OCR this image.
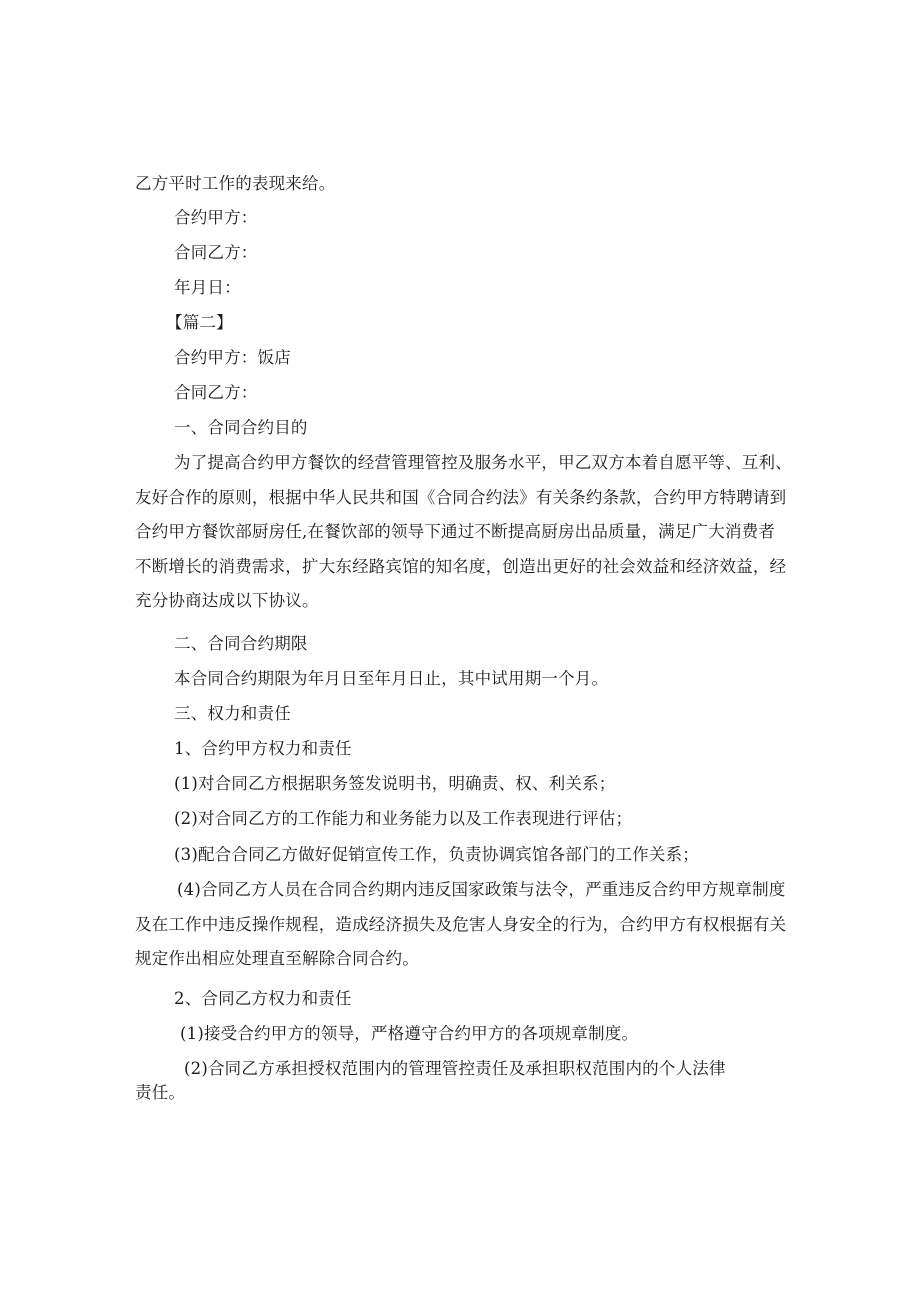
乙方平时工作的表现来给。
合约甲方：
合同乙方：
年月日：
【篇二】
合约甲方：饭店
合同乙方：
一、合同合约目的
为了提高合约甲方餐饮的经营管理管控及服务水平，甲乙双方本着自愿平等、互利、
友好合作的原则，根据中华人民共和国《合同合约法》有关条约条款，合约甲方特聘请到
合约甲方餐饮部厨房任,在餐饮部的领导下通过不断提高厨房出品质量，满足广大消费者
不断增长的消费需求，扩大东经路宾馆的知名度，创造出更好的社会效益和经济效益，经
充分协商达成以下协议。
二、合同合约期限
本合同合约期限为年月日至年月日止，其中试用期一个月。
三、权力和责任
1、合约甲方权力和责任
(1)对合同乙方根据职务签发说明书，明确责、权、利关系；
(2)对合同乙方的工作能力和业务能力以及工作表现进行评估；
(3)配合合同乙方做好促销宣传工作，负责协调宾馆各部门的工作关系；
(4)合同乙方人员在合同合约期内违反国家政策与法令，严重违反合约甲方规章制度
及在工作中违反操作规程，造成经济损失及危害人身安全的行为，合约甲方有权根据有关
规定作出相应处理直至解除合同合约。
2、合同乙方权力和责任
(1)接受合约甲方的领导，严格遵守合约甲方的各项规章制度。
(2)合同乙方承担授权范围内的管理管控责任及承担职权范围内的个人法律
责任。
